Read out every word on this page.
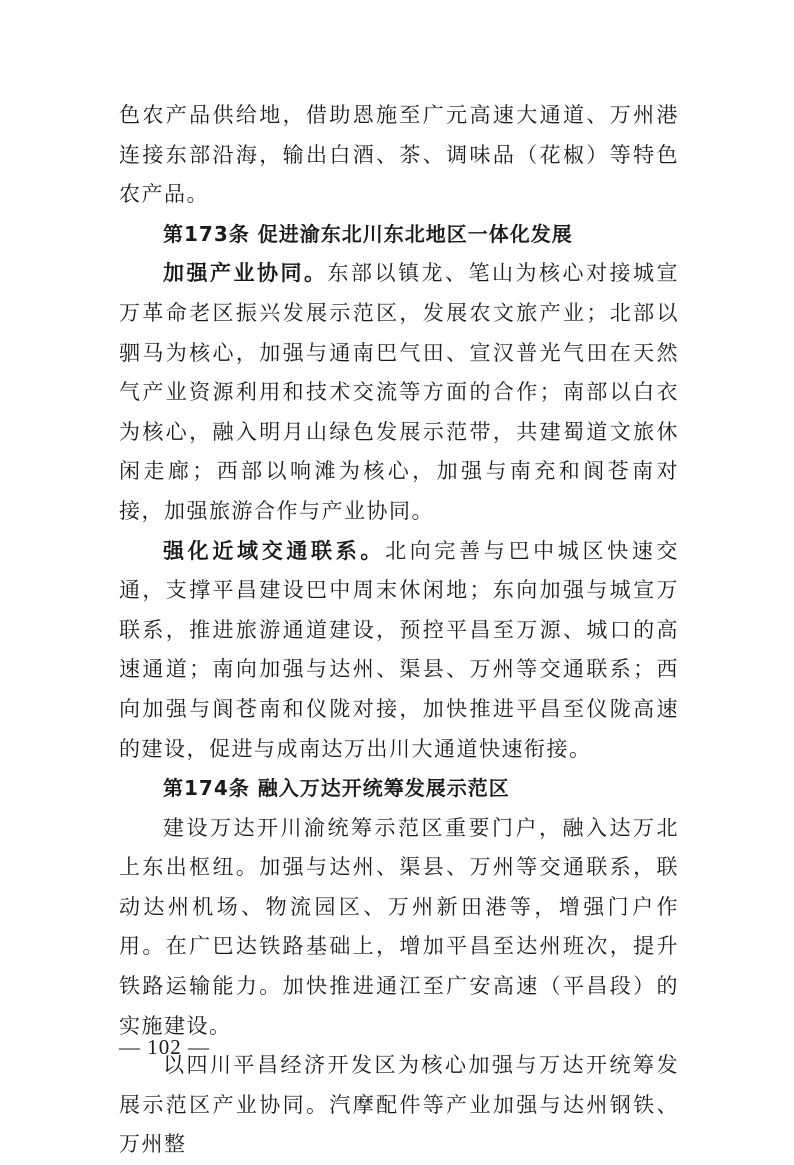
色农产品供给地，借助恩施至广元高速大通道、万州港连接东部沿海，输出白酒、茶、调味品（花椒）等特色农产品。

第173条 促进渝东北川东北地区一体化发展

加强产业协同。东部以镇龙、笔山为核心对接城宣万革命老区振兴发展示范区，发展农文旅产业；北部以驷马为核心，加强与通南巴气田、宣汉普光气田在天然气产业资源利用和技术交流等方面的合作；南部以白衣为核心，融入明月山绿色发展示范带，共建蜀道文旅休闲走廊；西部以响滩为核心，加强与南充和阆苍南对接，加强旅游合作与产业协同。

强化近域交通联系。北向完善与巴中城区快速交通，支撑平昌建设巴中周末休闲地；东向加强与城宣万联系，推进旅游通道建设，预控平昌至万源、城口的高速通道；南向加强与达州、渠县、万州等交通联系；西向加强与阆苍南和仪陇对接，加快推进平昌至仪陇高速的建设，促进与成南达万出川大通道快速衔接。

第174条 融入万达开统筹发展示范区

建设万达开川渝统筹示范区重要门户，融入达万北上东出枢纽。加强与达州、渠县、万州等交通联系，联动达州机场、物流园区、万州新田港等，增强门户作用。在广巴达铁路基础上，增加平昌至达州班次，提升铁路运输能力。加快推进通江至广安高速（平昌段）的实施建设。

以四川平昌经济开发区为核心加强与万达开统筹发展示范区产业协同。汽摩配件等产业加强与达州钢铁、万州整

— 102 —
